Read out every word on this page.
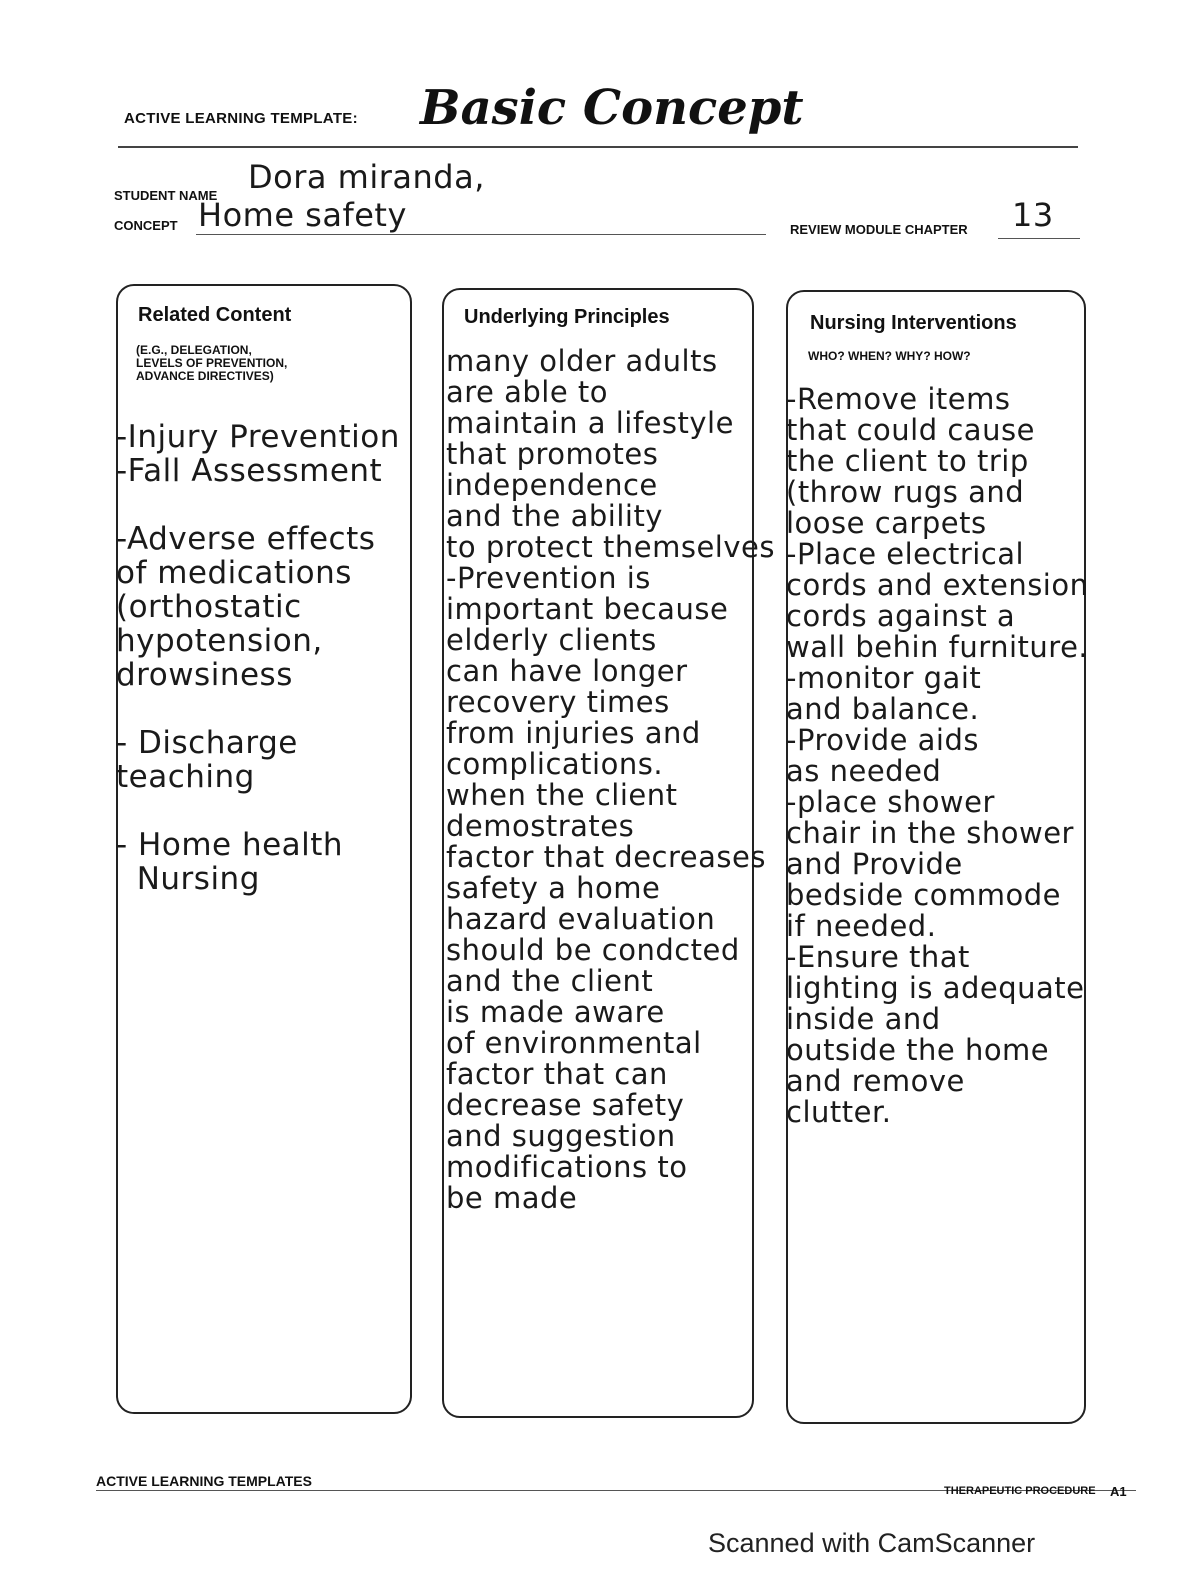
ACTIVE LEARNING TEMPLATE: Basic Concept
STUDENT NAME Dora miranda,
CONCEPT Home safety	REVIEW MODULE CHAPTER 13
Related Content
(E.G., DELEGATION,
LEVELS OF PREVENTION,
ADVANCE DIRECTIVES)
Underlying Principles	Nursing Interventions
WHO? WHEN? WHY? HOW?
-Injury Prevention
-Fall Assessment

-Adverse effects
of medications
(orthostatic
hypotension,
drowsiness

- Discharge
teaching

- Home health
Nursing
many older adults
are able to
maintain a lifestyle
that promotes
independence
and the ability
to protect themselves
-Prevention is
important because
elderly clients
can have longer
recovery times
from injuries and
complications.
when the client
demostrates
factor that decreases
safety a home
hazard evaluation
should be condcted
and the client
is made aware
of environmental
factor that can
decrease safety
and suggestion
modifications to
be made
-Remove items
that could cause
the client to trip
(throw rugs and
loose carpets
-Place electrical
cords and extension
cords against a
wall behin furniture.
-monitor gait
and balance.
-Provide aids
as needed
-place shower
chair in the shower
and Provide
bedside commode
if needed.
-Ensure that
lighting is adequate
inside and
outside the home
and remove
clutter.
ACTIVE LEARNING TEMPLATES
THERAPEUTIC PROCEDURE A1
Scanned with CamScanner
